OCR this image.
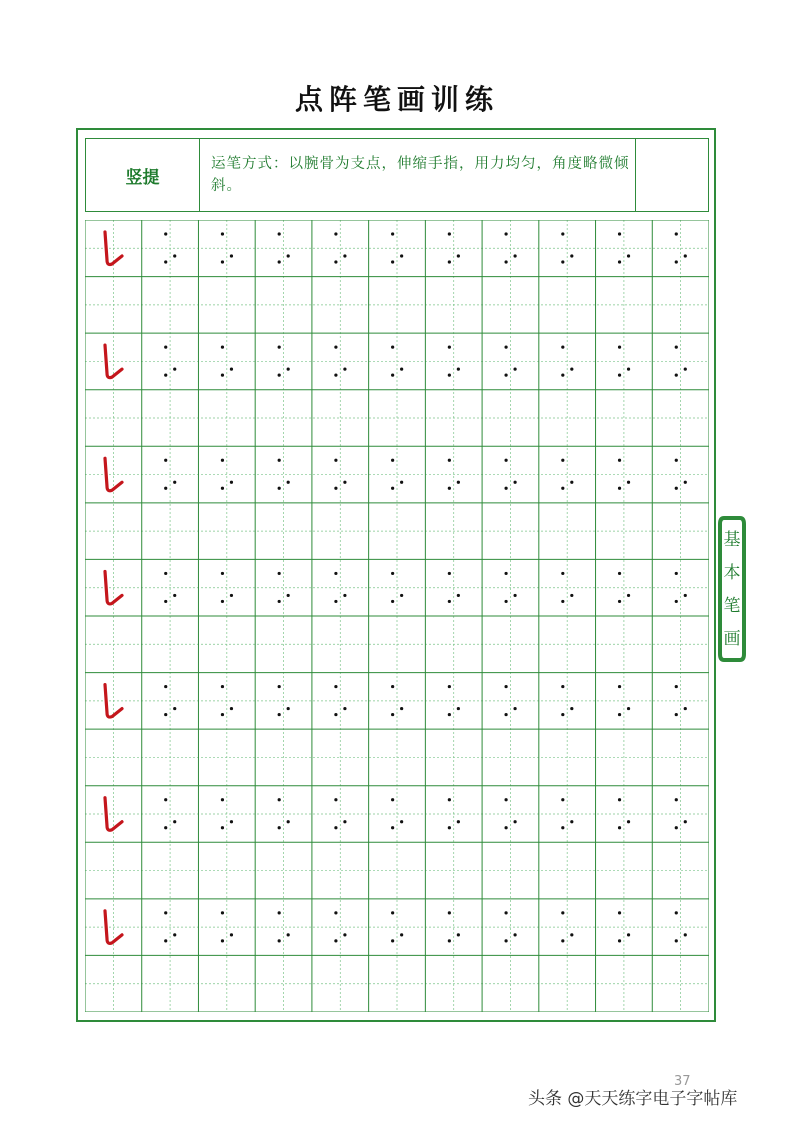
点阵笔画训练
竖提
运笔方式：以腕骨为支点，伸缩手指，用力均匀，角度略微倾斜。
基
本
笔
画
37

头条 @天天练字电子字帖库
